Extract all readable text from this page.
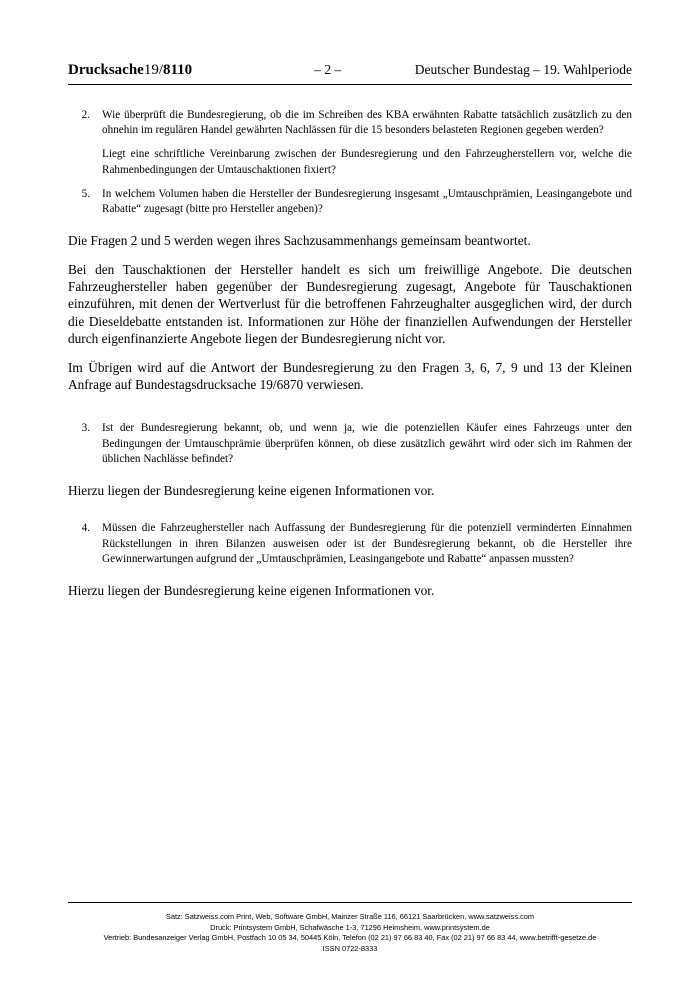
Drucksache19/8110	– 2 –	Deutscher Bundestag – 19. Wahlperiode
2.	Wie überprüft die Bundesregierung, ob die im Schreiben des KBA erwähnten Rabatte tatsächlich zusätzlich zu den ohnehin im regulären Handel gewährten Nachlässen für die 15 besonders belasteten Regionen gegeben werden?
Liegt eine schriftliche Vereinbarung zwischen der Bundesregierung und den Fahrzeugherstellern vor, welche die Rahmenbedingungen der Umtauschaktionen fixiert?
5.	In welchem Volumen haben die Hersteller der Bundesregierung insgesamt „Umtauschprämien, Leasingangebote und Rabatte“ zugesagt (bitte pro Hersteller angeben)?
Die Fragen 2 und 5 werden wegen ihres Sachzusammenhangs gemeinsam beantwortet.
Bei den Tauschaktionen der Hersteller handelt es sich um freiwillige Angebote. Die deutschen Fahrzeughersteller haben gegenüber der Bundesregierung zugesagt, Angebote für Tauschaktionen einzuführen, mit denen der Wertverlust für die betroffenen Fahrzeughalter ausgeglichen wird, der durch die Dieseldebatte entstanden ist. Informationen zur Höhe der finanziellen Aufwendungen der Hersteller durch eigenfinanzierte Angebote liegen der Bundesregierung nicht vor.
Im Übrigen wird auf die Antwort der Bundesregierung zu den Fragen 3, 6, 7, 9 und 13 der Kleinen Anfrage auf Bundestagsdrucksache 19/6870 verwiesen.
3.	Ist der Bundesregierung bekannt, ob, und wenn ja, wie die potenziellen Käufer eines Fahrzeugs unter den Bedingungen der Umtauschprämie überprüfen können, ob diese zusätzlich gewährt wird oder sich im Rahmen der üblichen Nachlässe befindet?
Hierzu liegen der Bundesregierung keine eigenen Informationen vor.
4.	Müssen die Fahrzeughersteller nach Auffassung der Bundesregierung für die potenziell verminderten Einnahmen Rückstellungen in ihren Bilanzen ausweisen oder ist der Bundesregierung bekannt, ob die Hersteller ihre Gewinnerwartungen aufgrund der „Umtauschprämien, Leasingangebote und Rabatte“ anpassen mussten?
Hierzu liegen der Bundesregierung keine eigenen Informationen vor.
Satz: Satzweiss.com Print, Web, Software GmbH, Mainzer Straße 116, 66121 Saarbrücken, www.satzweiss.com
Druck: Printsystem GmbH, Schafwäsche 1-3, 71296 Heimsheim, www.printsystem.de
Vertrieb: Bundesanzeiger Verlag GmbH, Postfach 10 05 34, 50445 Köln, Telefon (02 21) 97 66 83 40, Fax (02 21) 97 66 83 44, www.betrifft-gesetze.de
ISSN 0722-8333
